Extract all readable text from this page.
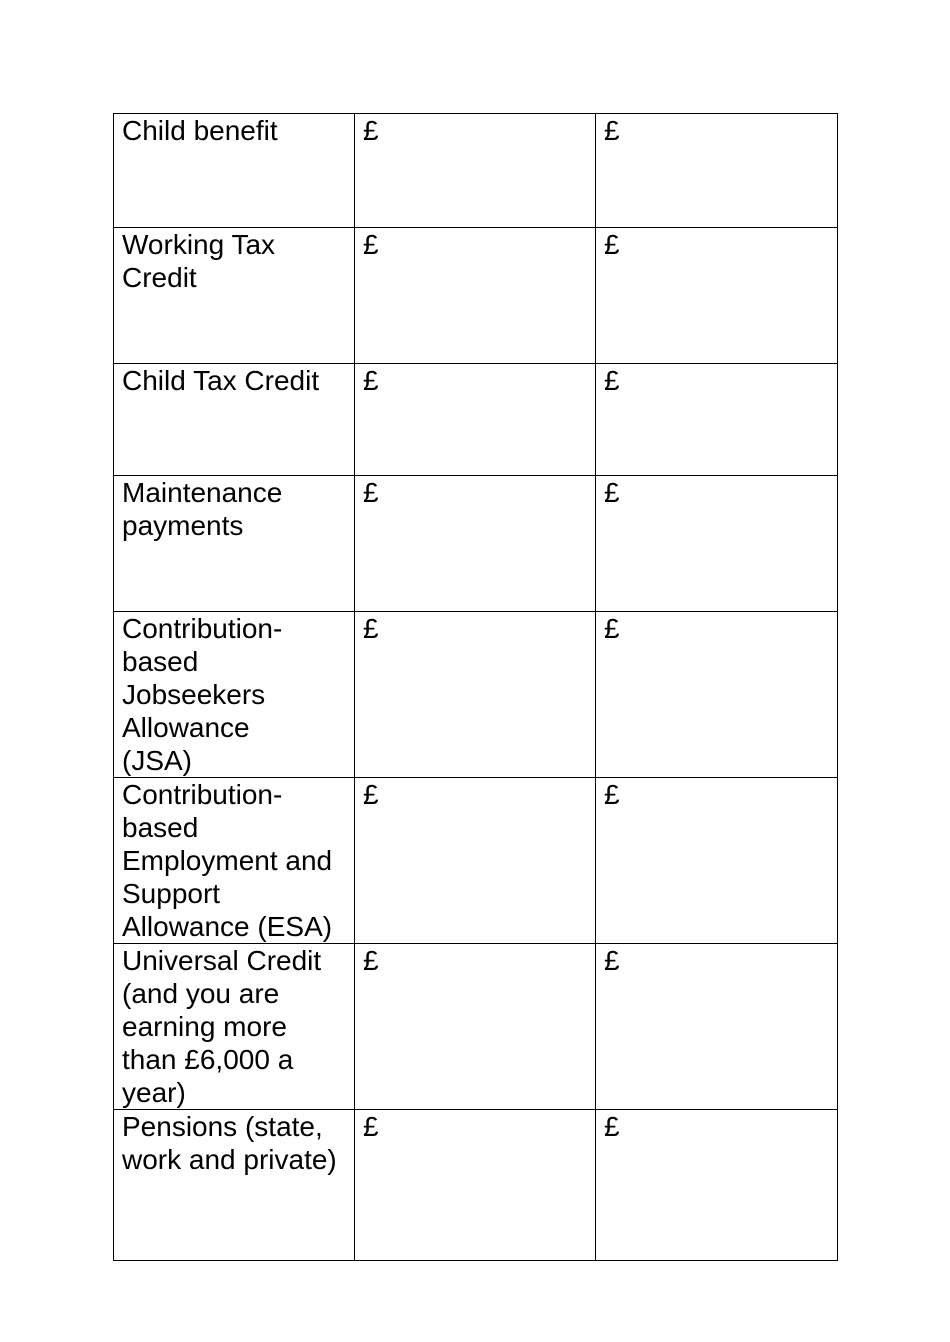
Child benefit	£	£

Working Tax Credit	£	£

Child Tax Credit	£	£

Maintenance payments	£	£

Contribution-based Jobseekers Allowance (JSA)	£	£

Contribution-based Employment and Support Allowance (ESA)	£	£

Universal Credit (and you are earning more than £6,000 a year)	£	£

Pensions (state, work and private)	£	£
